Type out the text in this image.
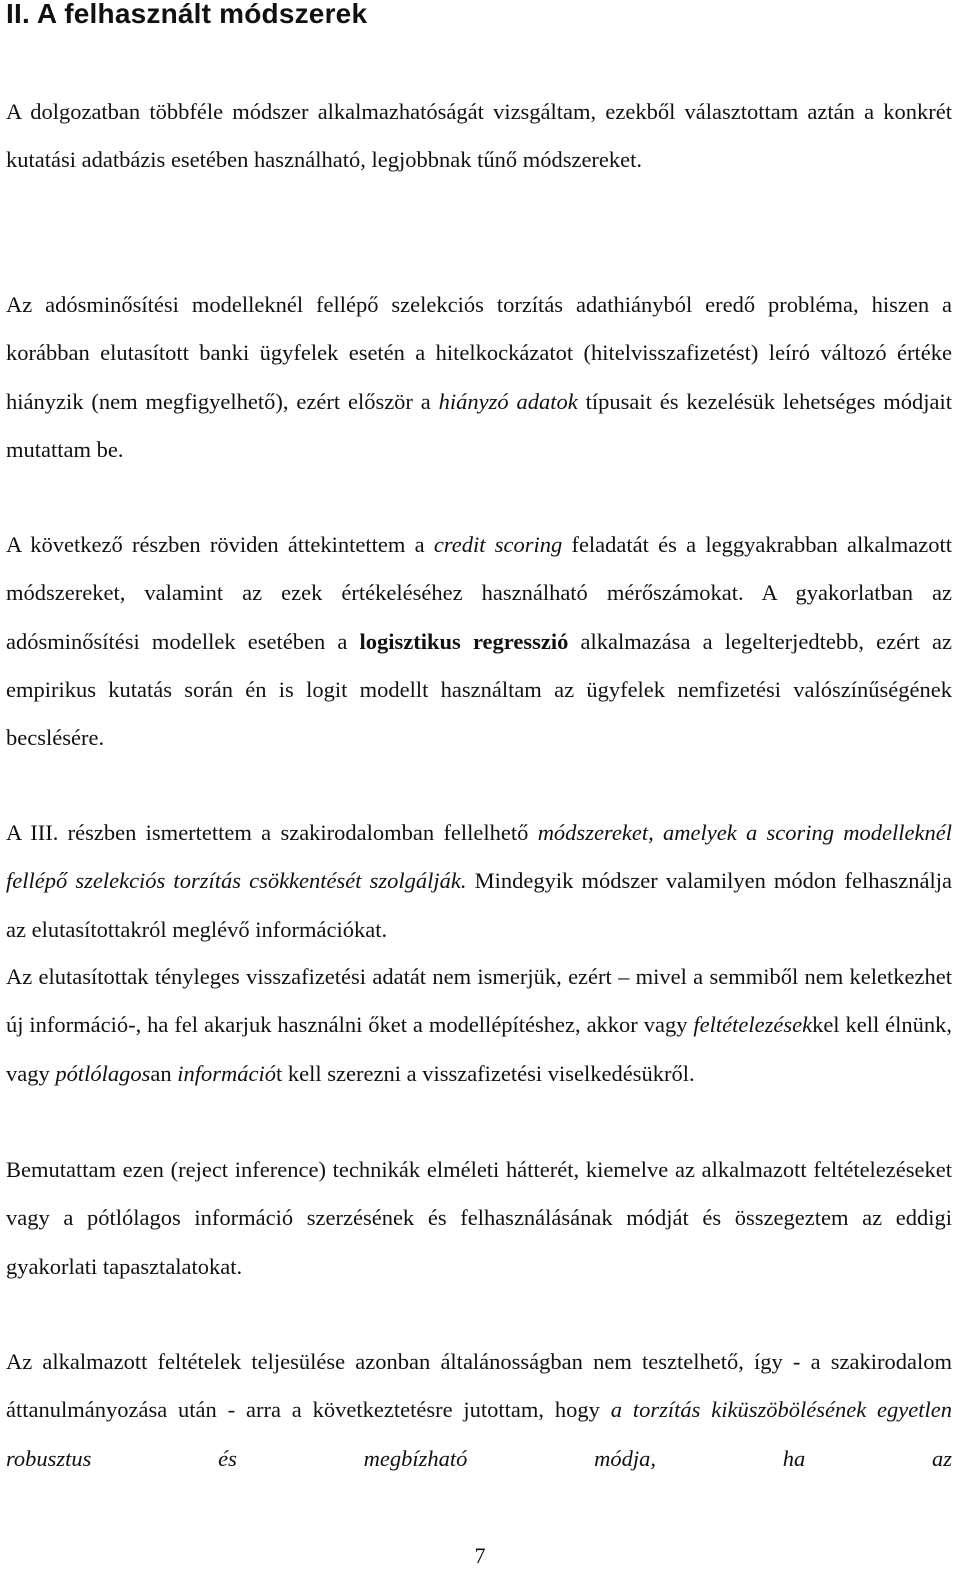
II. A felhasznált módszerek

A dolgozatban többféle módszer alkalmazhatóságát vizsgáltam, ezekből választottam aztán a konkrét kutatási adatbázis esetében használható, legjobbnak tűnő módszereket.

Az adósminősítési modelleknél fellépő szelekciós torzítás adathiányból eredő probléma, hiszen a korábban elutasított banki ügyfelek esetén a hitelkockázatot (hitelvisszafizetést) leíró változó értéke hiányzik (nem megfigyelhető), ezért először a hiányzó adatok típusait és kezelésük lehetséges módjait mutattam be.

A következő részben röviden áttekintettem a credit scoring feladatát és a leggyakrabban alkalmazott módszereket, valamint az ezek értékeléséhez használható mérőszámokat. A gyakorlatban az adósminősítési modellek esetében a logisztikus regresszió alkalmazása a legelterjedtebb, ezért az empirikus kutatás során én is logit modellt használtam az ügyfelek nemfizetési valószínűségének becslésére.

A III. részben ismertettem a szakirodalomban fellelhető módszereket, amelyek a scoring modelleknél fellépő szelekciós torzítás csökkentését szolgálják. Mindegyik módszer valamilyen módon felhasználja az elutasítottakról meglévő információkat.

Az elutasítottak tényleges visszafizetési adatát nem ismerjük, ezért – mivel a semmiből nem keletkezhet új információ-, ha fel akarjuk használni őket a modellépítéshez, akkor vagy feltételezésekkel kell élnünk, vagy pótlólagosan információt kell szerezni a visszafizetési viselkedésükről.

Bemutattam ezen (reject inference) technikák elméleti hátterét, kiemelve az alkalmazott feltételezéseket vagy a pótlólagos információ szerzésének és felhasználásának módját és összegeztem az eddigi gyakorlati tapasztalatokat.

Az alkalmazott feltételek teljesülése azonban általánosságban nem tesztelhető, így - a szakirodalom áttanulmányozása után - arra a következtetésre jutottam, hogy a torzítás kiküszöbölésének egyetlen robusztus és megbízható módja, ha az

7
